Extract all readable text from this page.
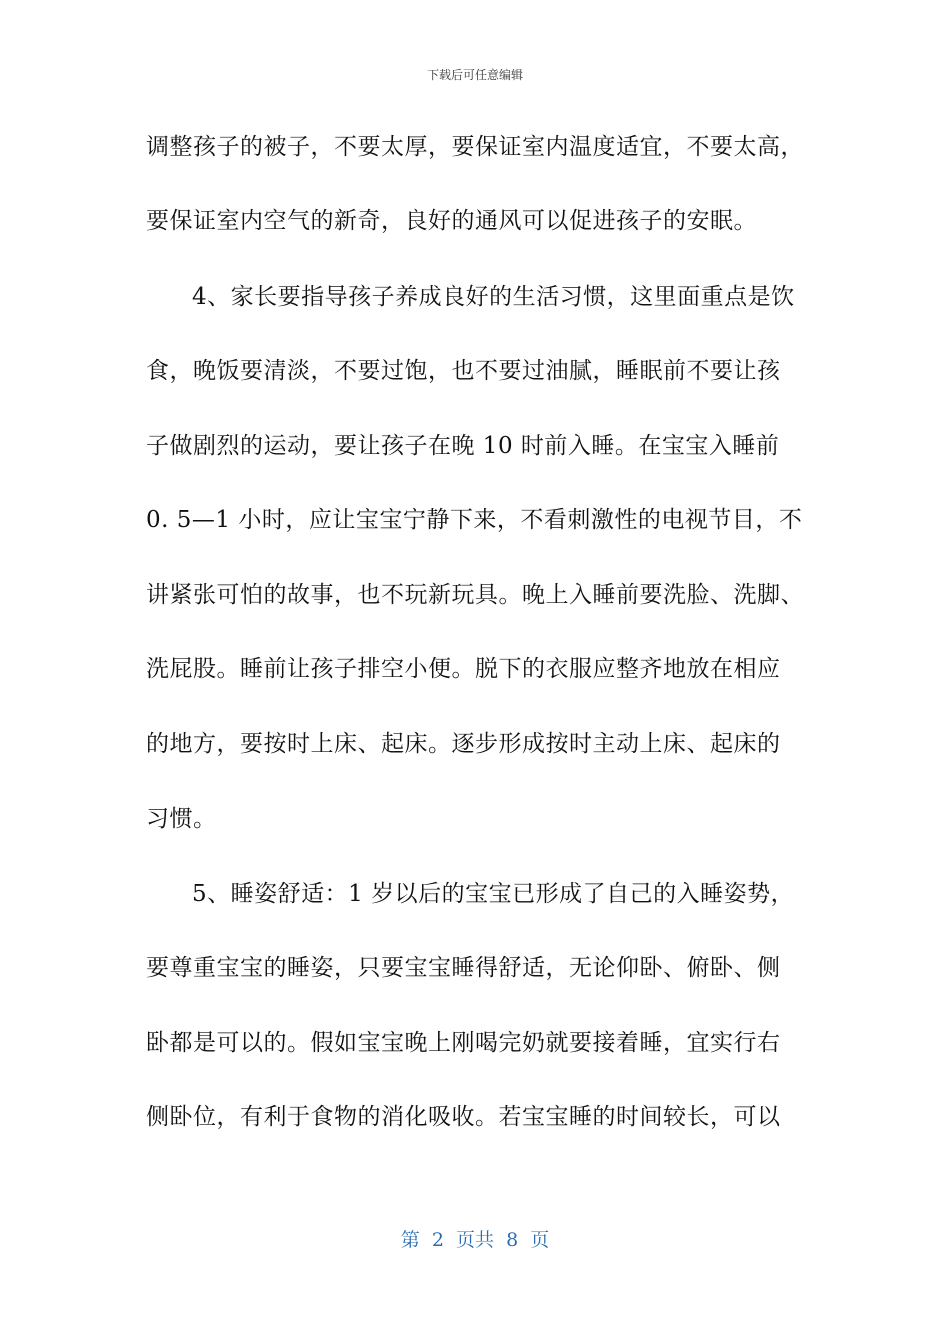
下载后可任意编辑
调整孩子的被子，不要太厚，要保证室内温度适宜，不要太高，
要保证室内空气的新奇，良好的通风可以促进孩子的安眠。
4、家长要指导孩子养成良好的生活习惯，这里面重点是饮
食，晚饭要清淡，不要过饱，也不要过油腻，睡眠前不要让孩
子做剧烈的运动，要让孩子在晚 10 时前入睡。在宝宝入睡前
0. 5—1 小时，应让宝宝宁静下来，不看刺激性的电视节目，不
讲紧张可怕的故事，也不玩新玩具。晚上入睡前要洗脸、洗脚、
洗屁股。睡前让孩子排空小便。脱下的衣服应整齐地放在相应
的地方，要按时上床、起床。逐步形成按时主动上床、起床的
习惯。
5、睡姿舒适：1 岁以后的宝宝已形成了自己的入睡姿势，
要尊重宝宝的睡姿，只要宝宝睡得舒适，无论仰卧、俯卧、侧
卧都是可以的。假如宝宝晚上刚喝完奶就要接着睡，宜实行右
侧卧位，有利于食物的消化吸收。若宝宝睡的时间较长，可以
第  2  页共  8  页
